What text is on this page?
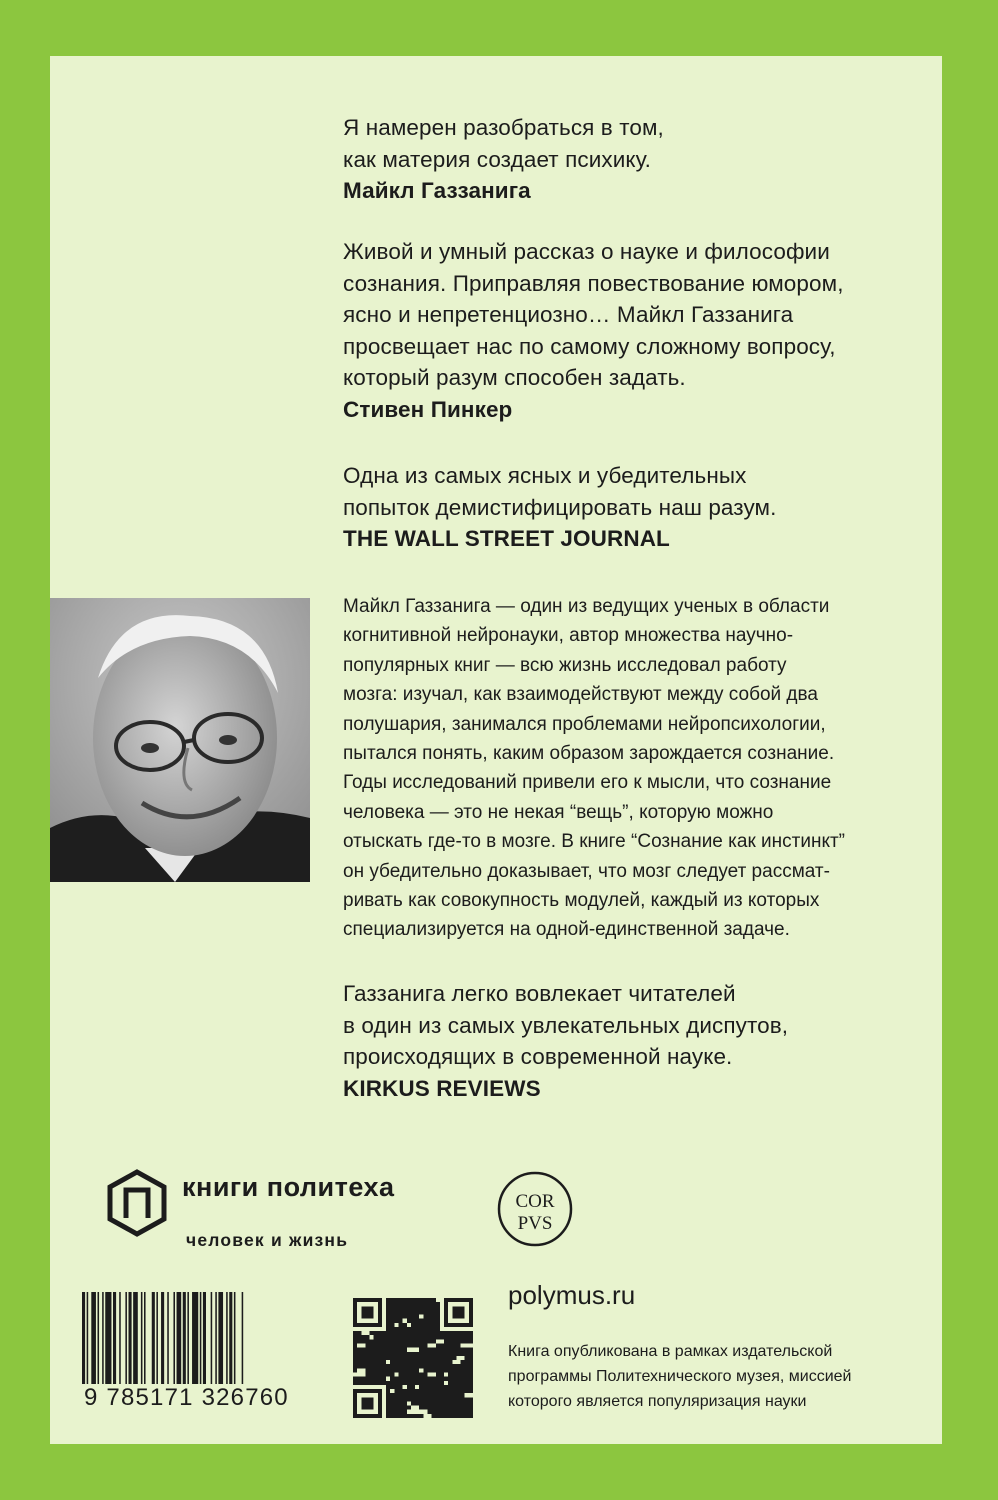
Я намерен разобраться в том,
как материя создает психику.
Майкл Газзанига
Живой и умный рассказ о науке и философии
сознания. Приправляя повествование юмором,
ясно и непретенциозно… Майкл Газзанига
просвещает нас по самому сложному вопросу,
который разум способен задать.
Стивен Пинкер
Одна из самых ясных и убедительных
попыток демистифицировать наш разум.
THE WALL STREET JOURNAL
Майкл Газзанига — один из ведущих ученых в области
когнитивной нейронауки, автор множества научно-
популярных книг — всю жизнь исследовал работу
мозга: изучал, как взаимодействуют между собой два
полушария, занимался проблемами нейропсихологии,
пытался понять, каким образом зарождается сознание.
Годы исследований привели его к мысли, что сознание
человека — это не некая “вещь”, которую можно
отыскать где-то в мозге. В книге “Сознание как инстинкт”
он убедительно доказывает, что мозг следует рассмат-
ривать как совокупность модулей, каждый из которых
специализируется на одной-единственной задаче.
Газзанига легко вовлекает читателей
в один из самых увлекательных диспутов,
происходящих в современной науке.
KIRKUS REVIEWS
книги политеха
человек и жизнь
COR
PVS
9 785171 326760
polymus.ru
Книга опубликована в рамках издательской
программы Политехнического музея, миссией
которого является популяризация науки
